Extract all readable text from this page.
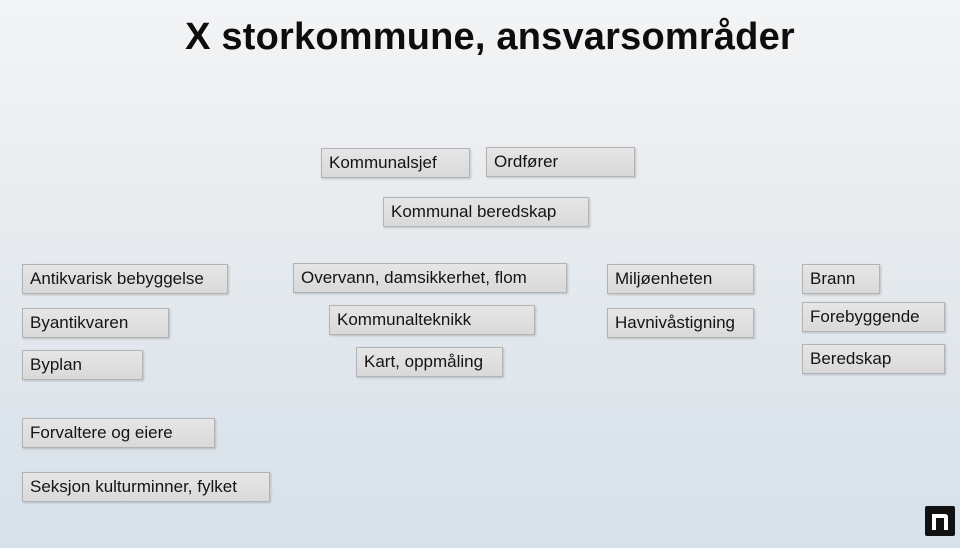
X storkommune, ansvarsområder
Kommunalsjef	Ordfører
Kommunal beredskap
Antikvarisk bebyggelse
Byantikvaren
Byplan
Forvaltere og eiere
Seksjon kulturminner, fylket
Overvann, damsikkerhet, flom
Kommunalteknikk
Kart, oppmåling
Miljøenheten
Havnivåstigning
Brann
Forebyggende
Beredskap
